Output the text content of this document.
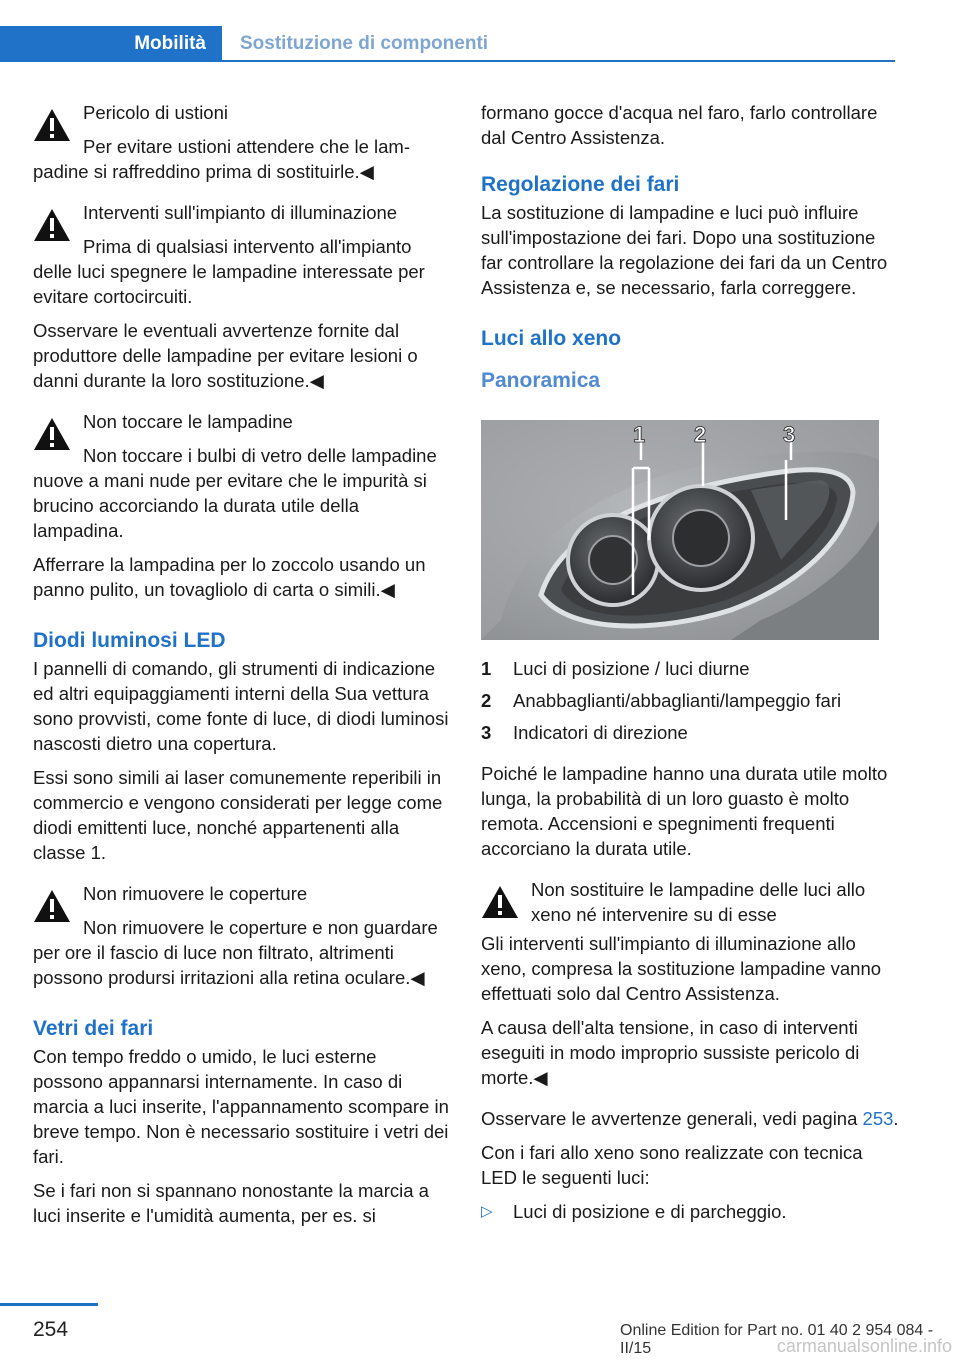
Mobilità	Sostituzione di componenti
Pericolo di ustioni

Per evitare ustioni attendere che le lampadine si raffreddino prima di sostituirle.◀

Interventi sull'impianto di illuminazione

Prima di qualsiasi intervento all'impianto delle luci spegnere le lampadine interessate per evitare cortocircuiti.

Osservare le eventuali avvertenze fornite dal produttore delle lampadine per evitare lesioni o danni durante la loro sostituzione.◀

Non toccare le lampadine

Non toccare i bulbi di vetro delle lampadine nuove a mani nude per evitare che le impurità si brucino accorciando la durata utile della lampadina.

Afferrare la lampadina per lo zoccolo usando un panno pulito, un tovagliolo di carta o simili.◀

Diodi luminosi LED

I pannelli di comando, gli strumenti di indicazione ed altri equipaggiamenti interni della Sua vettura sono provvisti, come fonte di luce, di diodi luminosi nascosti dietro una copertura.

Essi sono simili ai laser comunemente reperibili in commercio e vengono considerati per legge come diodi emittenti luce, nonché appartenenti alla classe 1.

Non rimuovere le coperture

Non rimuovere le coperture e non guardare per ore il fascio di luce non filtrato, altrimenti possono prodursi irritazioni alla retina oculare.◀

Vetri dei fari

Con tempo freddo o umido, le luci esterne possono appannarsi internamente. In caso di marcia a luci inserite, l'appannamento scompare in breve tempo. Non è necessario sostituire i vetri dei fari.

Se i fari non si spannano nonostante la marcia a luci inserite e l'umidità aumenta, per es. si

formano gocce d'acqua nel faro, farlo controllare dal Centro Assistenza.

Regolazione dei fari

La sostituzione di lampadine e luci può influire sull'impostazione dei fari. Dopo una sostituzione far controllare la regolazione dei fari da un Centro Assistenza e, se necessario, farla correggere.

Luci allo xeno
Panoramica
1 2	3
1	Luci di posizione / luci diurne
2	Anabbaglianti/abbaglianti/lampeggio fari
3	Indicatori di direzione

Poiché le lampadine hanno una durata utile molto lunga, la probabilità di un loro guasto è molto remota. Accensioni e spegnimenti frequenti accorciano la durata utile.

Non sostituire le lampadine delle luci allo xeno né intervenire su di esse

Gli interventi sull'impianto di illuminazione allo xeno, compresa la sostituzione lampadine vanno effettuati solo dal Centro Assistenza.

A causa dell'alta tensione, in caso di interventi eseguiti in modo improprio sussiste pericolo di morte.◀

Osservare le avvertenze generali, vedi pagina 253.

Con i fari allo xeno sono realizzate con tecnica LED le seguenti luci:

▷	Luci di posizione e di parcheggio.
254	Online Edition for Part no. 01 40 2 954 084 - II/15	carmanualsonline.info
